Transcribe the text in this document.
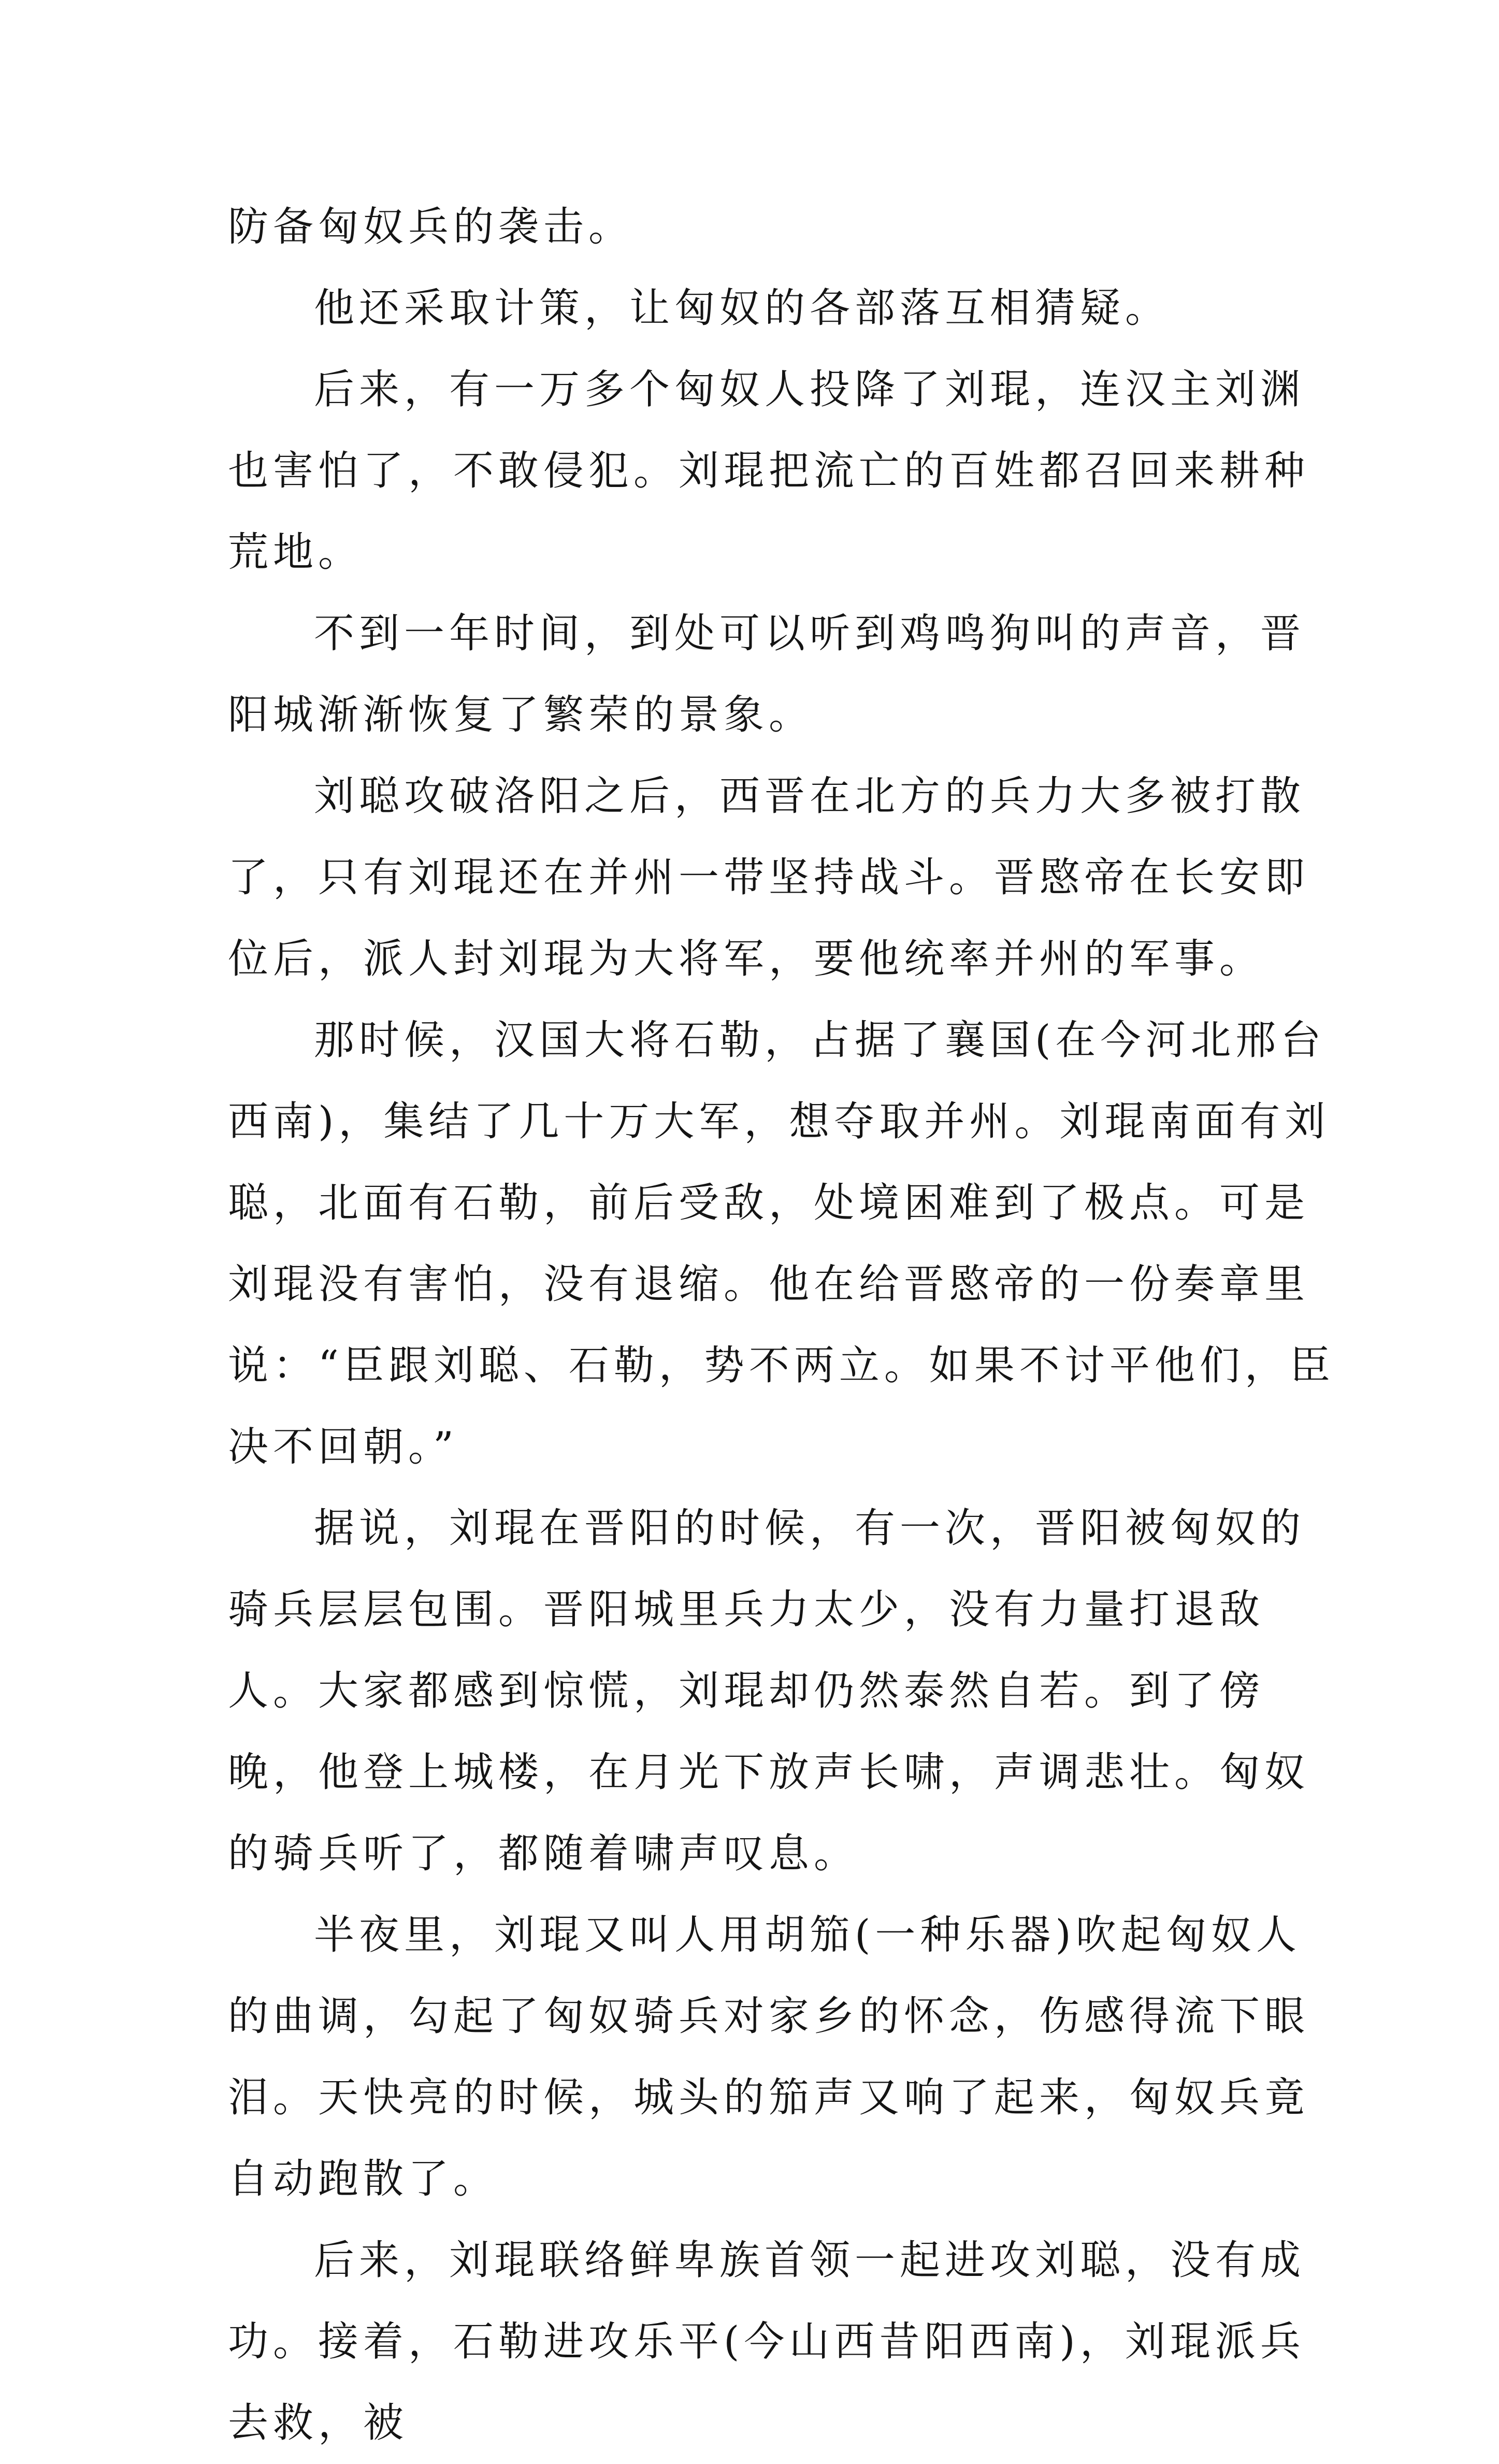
防备匈奴兵的袭击。

他还采取计策，让匈奴的各部落互相猜疑。

后来，有一万多个匈奴人投降了刘琨，连汉主刘渊也害怕了，不敢侵犯。刘琨把流亡的百姓都召回来耕种荒地。

不到一年时间，到处可以听到鸡鸣狗叫的声音，晋阳城渐渐恢复了繁荣的景象。

刘聪攻破洛阳之后，西晋在北方的兵力大多被打散了，只有刘琨还在并州一带坚持战斗。晋愍帝在长安即位后，派人封刘琨为大将军，要他统率并州的军事。

那时候，汉国大将石勒，占据了襄国(在今河北邢台西南)，集结了几十万大军，想夺取并州。刘琨南面有刘聪，北面有石勒，前后受敌，处境困难到了极点。可是刘琨没有害怕，没有退缩。他在给晋愍帝的一份奏章里说：“臣跟刘聪、石勒，势不两立。如果不讨平他们，臣决不回朝。”

据说，刘琨在晋阳的时候，有一次，晋阳被匈奴的骑兵层层包围。晋阳城里兵力太少，没有力量打退敌人。大家都感到惊慌，刘琨却仍然泰然自若。到了傍晚，他登上城楼，在月光下放声长啸，声调悲壮。匈奴的骑兵听了，都随着啸声叹息。

半夜里，刘琨又叫人用胡笳(一种乐器)吹起匈奴人的曲调，勾起了匈奴骑兵对家乡的怀念，伤感得流下眼泪。天快亮的时候，城头的笳声又响了起来，匈奴兵竟自动跑散了。

后来，刘琨联络鲜卑族首领一起进攻刘聪，没有成功。接着，石勒进攻乐平(今山西昔阳西南)，刘琨派兵去救，被
